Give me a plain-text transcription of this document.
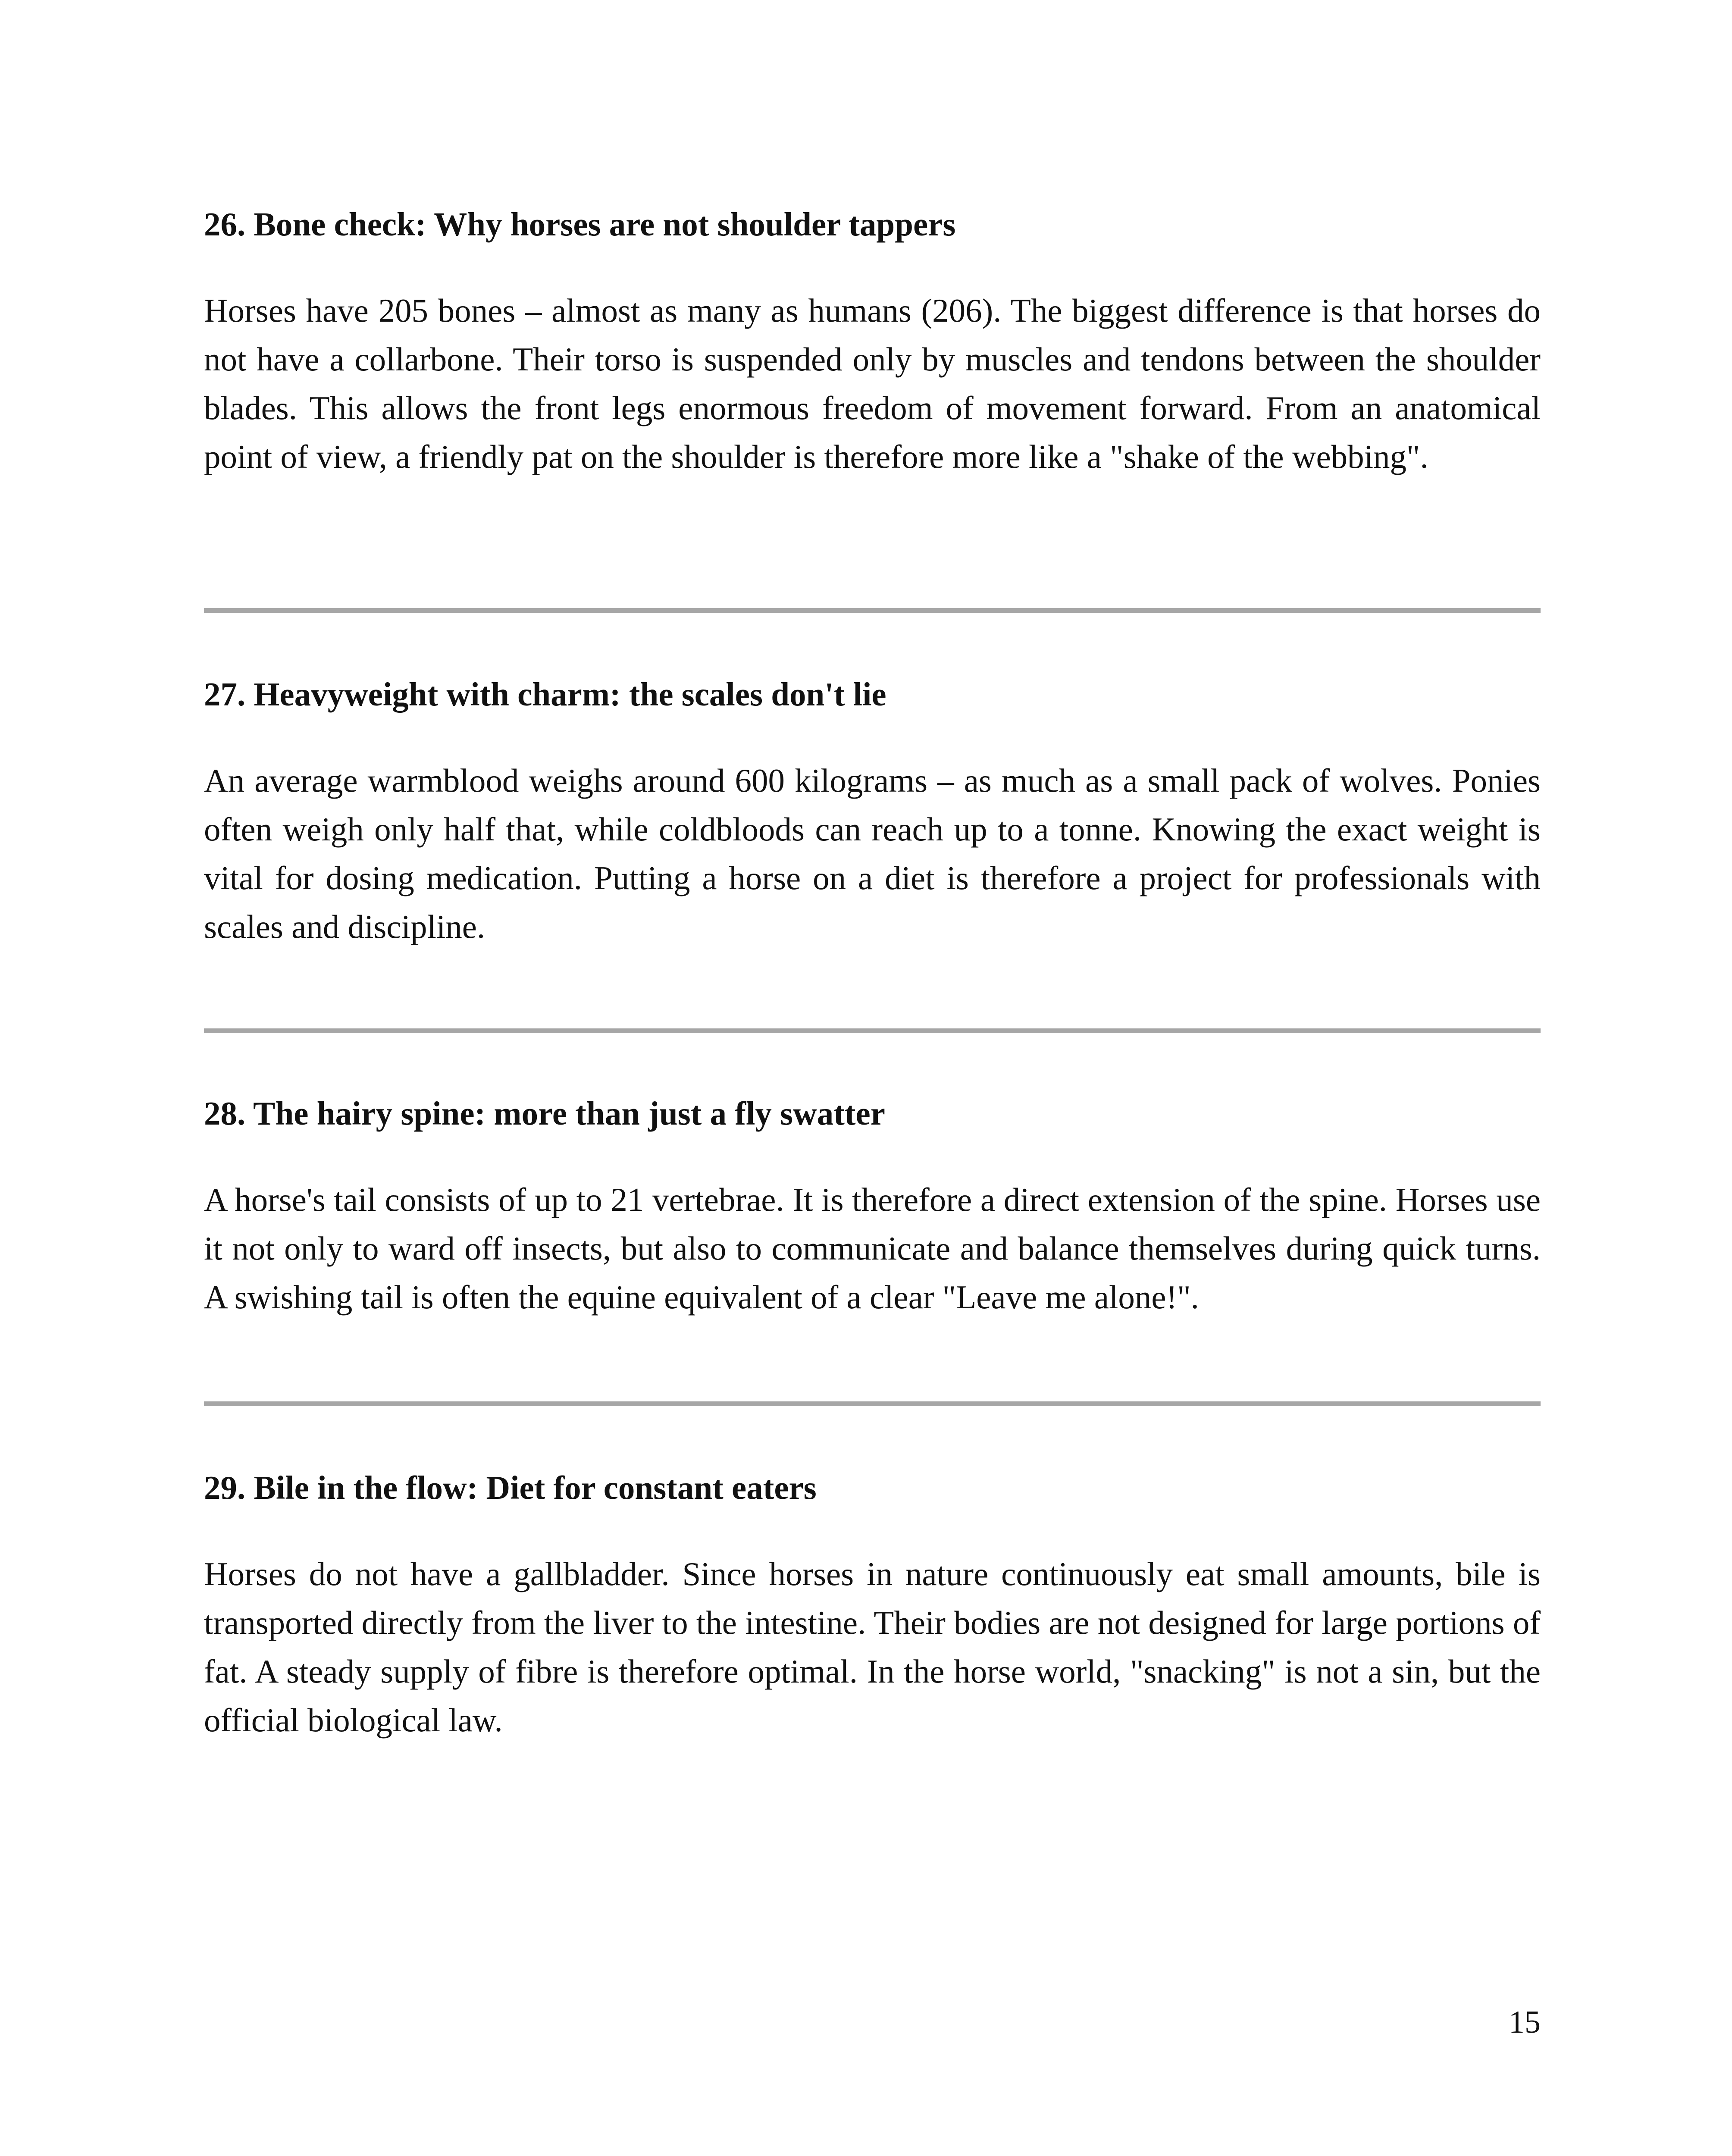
26. Bone check: Why horses are not shoulder tappers

Horses have 205 bones – almost as many as humans (206). The biggest difference is that horses do not have a collarbone. Their torso is suspended only by muscles and tendons between the shoulder blades. This allows the front legs enormous freedom of movement forward. From an anatomical point of view, a friendly pat on the shoulder is therefore more like a "shake of the webbing".

27. Heavyweight with charm: the scales don't lie

An average warmblood weighs around 600 kilograms – as much as a small pack of wolves. Ponies often weigh only half that, while coldbloods can reach up to a tonne. Knowing the exact weight is vital for dosing medication. Putting a horse on a diet is therefore a project for professionals with scales and discipline.

28. The hairy spine: more than just a fly swatter

A horse's tail consists of up to 21 vertebrae. It is therefore a direct extension of the spine. Horses use it not only to ward off insects, but also to communicate and balance themselves during quick turns. A swishing tail is often the equine equivalent of a clear "Leave me alone!".

29. Bile in the flow: Diet for constant eaters

Horses do not have a gallbladder. Since horses in nature continuously eat small amounts, bile is transported directly from the liver to the intestine. Their bodies are not designed for large portions of fat. A steady supply of fibre is therefore optimal. In the horse world, "snacking" is not a sin, but the official biological law.

15
